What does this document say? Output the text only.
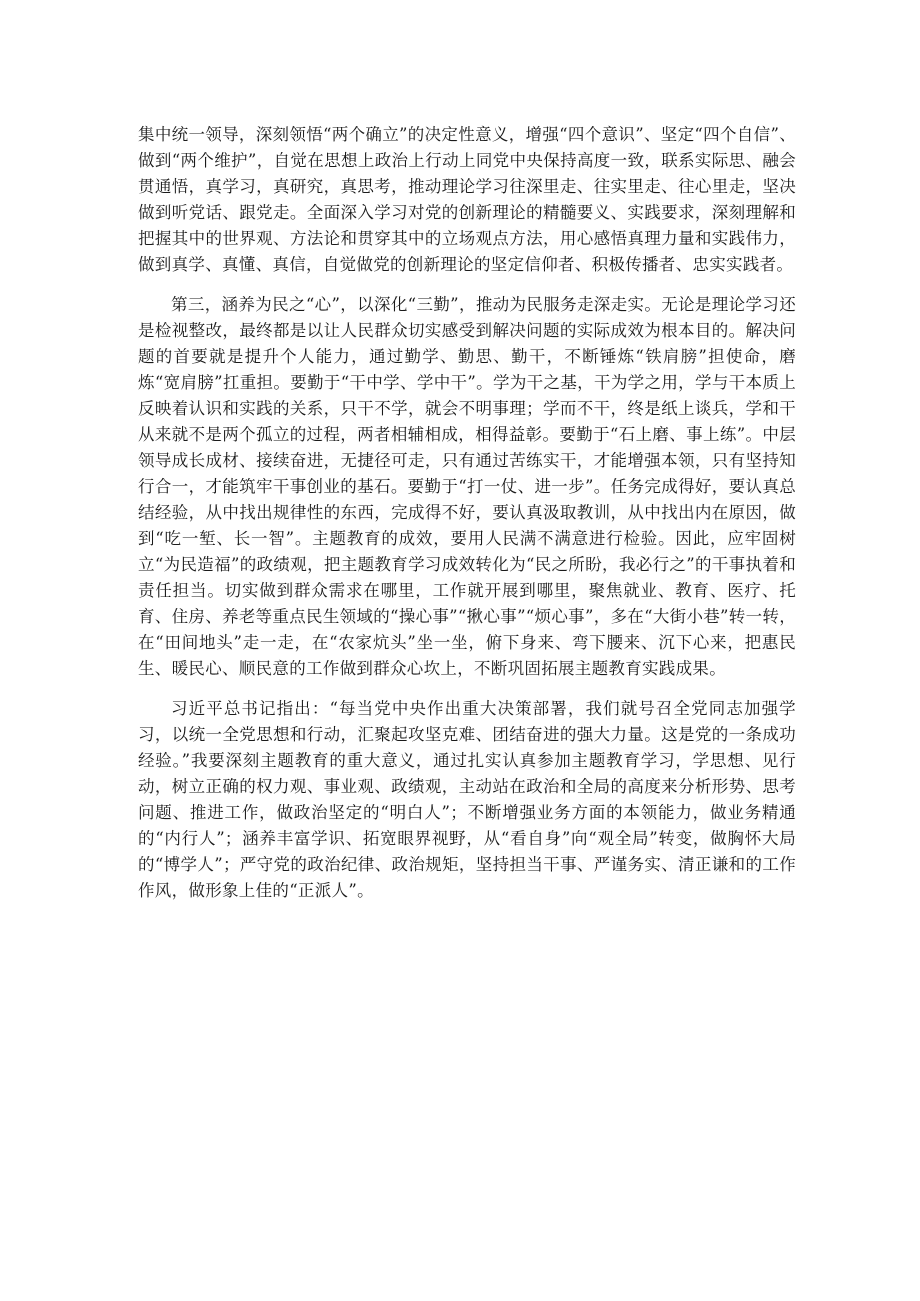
集中统一领导，深刻领悟“两个确立”的决定性意义，增强“四个意识”、坚定“四个自信”、做到“两个维护”，自觉在思想上政治上行动上同党中央保持高度一致，联系实际思、融会贯通悟，真学习，真研究，真思考，推动理论学习往深里走、往实里走、往心里走，坚决做到听党话、跟党走。全面深入学习对党的创新理论的精髓要义、实践要求，深刻理解和把握其中的世界观、方法论和贯穿其中的立场观点方法，用心感悟真理力量和实践伟力，做到真学、真懂、真信，自觉做党的创新理论的坚定信仰者、积极传播者、忠实实践者。

第三，涵养为民之“心”，以深化“三勤”，推动为民服务走深走实。无论是理论学习还是检视整改，最终都是以让人民群众切实感受到解决问题的实际成效为根本目的。解决问题的首要就是提升个人能力，通过勤学、勤思、勤干，不断锤炼“铁肩膀”担使命，磨炼“宽肩膀”扛重担。要勤于“干中学、学中干”。学为干之基，干为学之用，学与干本质上反映着认识和实践的关系，只干不学，就会不明事理；学而不干，终是纸上谈兵，学和干从来就不是两个孤立的过程，两者相辅相成，相得益彰。要勤于“石上磨、事上练”。中层领导成长成材、接续奋进，无捷径可走，只有通过苦练实干，才能增强本领，只有坚持知行合一，才能筑牢干事创业的基石。要勤于“打一仗、进一步”。任务完成得好，要认真总结经验，从中找出规律性的东西，完成得不好，要认真汲取教训，从中找出内在原因，做到“吃一堑、长一智”。主题教育的成效，要用人民满不满意进行检验。因此，应牢固树立“为民造福”的政绩观，把主题教育学习成效转化为“民之所盼，我必行之”的干事执着和责任担当。切实做到群众需求在哪里，工作就开展到哪里，聚焦就业、教育、医疗、托育、住房、养老等重点民生领域的“操心事”“揪心事”“烦心事”，多在“大街小巷”转一转，在“田间地头”走一走，在“农家炕头”坐一坐，俯下身来、弯下腰来、沉下心来，把惠民生、暖民心、顺民意的工作做到群众心坎上，不断巩固拓展主题教育实践成果。

习近平总书记指出：“每当党中央作出重大决策部署，我们就号召全党同志加强学习，以统一全党思想和行动，汇聚起攻坚克难、团结奋进的强大力量。这是党的一条成功经验。”我要深刻主题教育的重大意义，通过扎实认真参加主题教育学习，学思想、见行动，树立正确的权力观、事业观、政绩观，主动站在政治和全局的高度来分析形势、思考问题、推进工作，做政治坚定的“明白人”；不断增强业务方面的本领能力，做业务精通的“内行人”；涵养丰富学识、拓宽眼界视野，从“看自身”向“观全局”转变，做胸怀大局的“博学人”；严守党的政治纪律、政治规矩，坚持担当干事、严谨务实、清正谦和的工作作风，做形象上佳的“正派人”。
